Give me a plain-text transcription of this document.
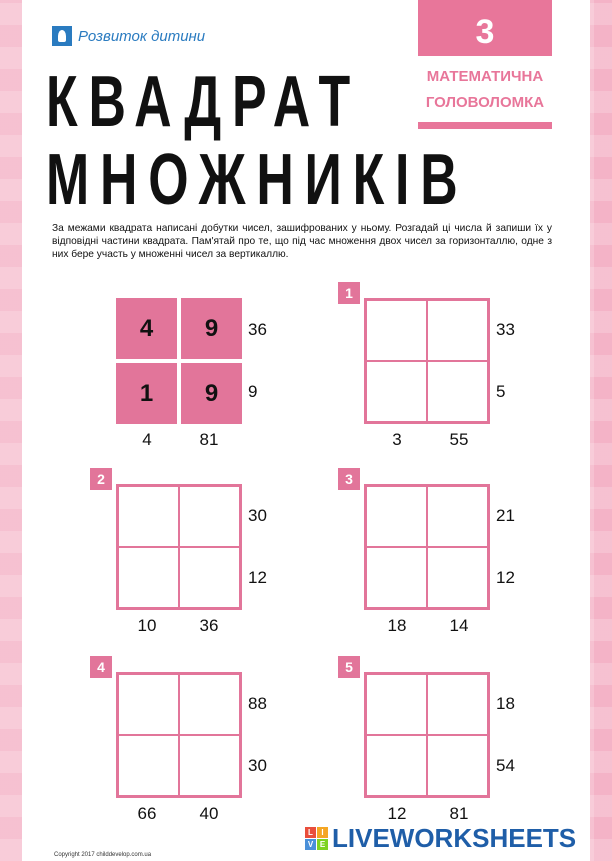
Розвиток дитини
КВАДРАТ
МНОЖНИКІВ
3
МАТЕМАТИЧНА
ГОЛОВОЛОМКА
За межами квадрата написані добутки чисел, зашифрованих у ньому. Розгадай ці числа й запиши їх у відповідні частини квадрата. Пам'ятай про те, що під час множення двох чисел за горизонталлю, одне з них бере участь у множенні чисел за вертикаллю.
4	9
1	9
36
9
4	81
1
33
5
3	55
2
30
12
10	36
3
21
12
18	14
4
88
30
66	40
5
18
54
12	81
Copyright 2017 childdevelop.com.ua
L	I
V E LIVEWORKSHEETS
